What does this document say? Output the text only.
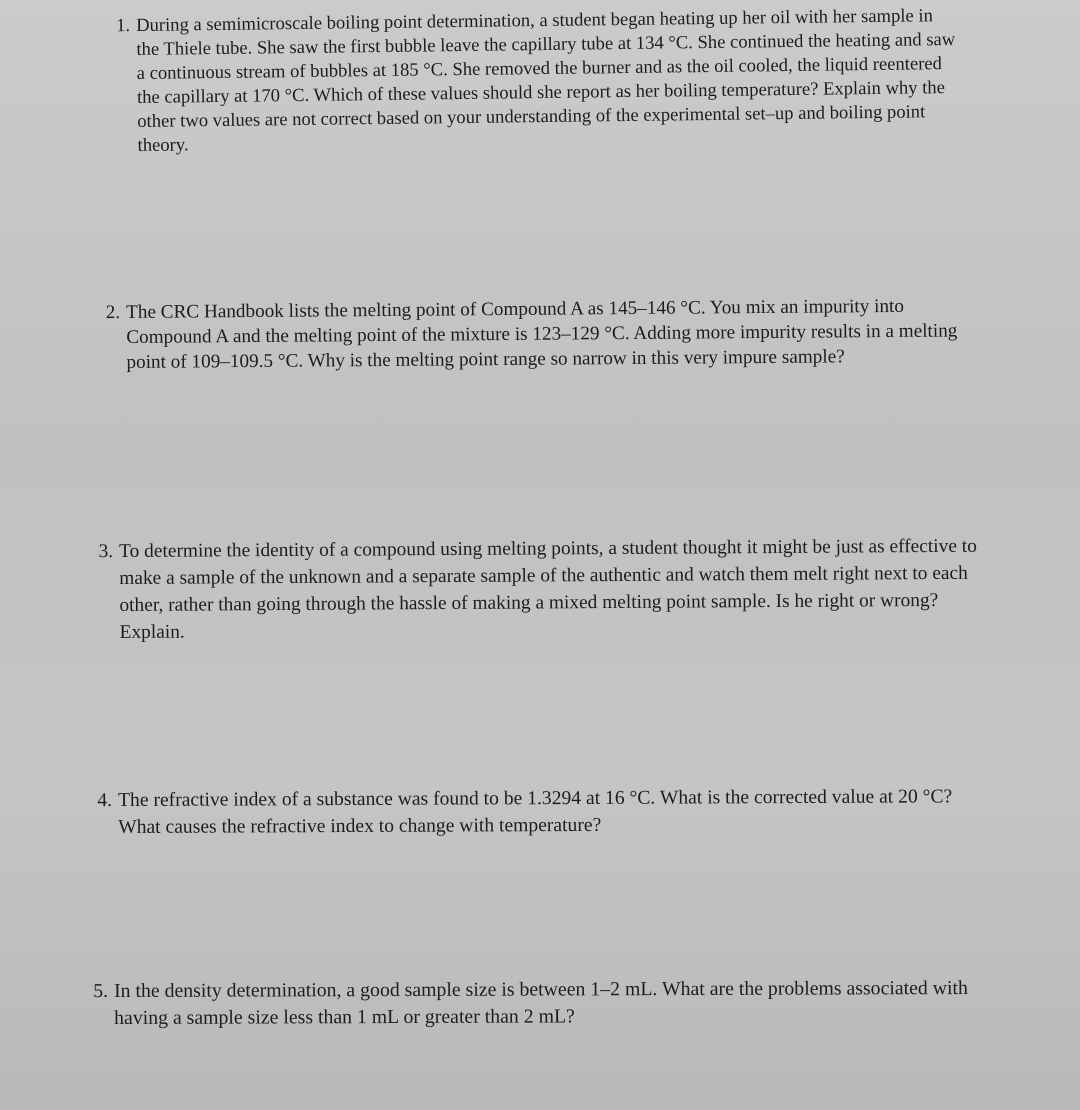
1. During a semimicroscale boiling point determination, a student began heating up her oil with her sample in the Thiele tube. She saw the first bubble leave the capillary tube at 134 °C. She continued the heating and saw a continuous stream of bubbles at 185 °C. She removed the burner and as the oil cooled, the liquid reentered the capillary at 170 °C. Which of these values should she report as her boiling temperature? Explain why the other two values are not correct based on your understanding of the experimental set–up and boiling point theory.
2. The CRC Handbook lists the melting point of Compound A as 145–146 °C. You mix an impurity into Compound A and the melting point of the mixture is 123–129 °C. Adding more impurity results in a melting point of 109–109.5 °C. Why is the melting point range so narrow in this very impure sample?
3. To determine the identity of a compound using melting points, a student thought it might be just as effective to make a sample of the unknown and a separate sample of the authentic and watch them melt right next to each other, rather than going through the hassle of making a mixed melting point sample. Is he right or wrong? Explain.
4. The refractive index of a substance was found to be 1.3294 at 16 °C. What is the corrected value at 20 °C? What causes the refractive index to change with temperature?
5. In the density determination, a good sample size is between 1–2 mL. What are the problems associated with having a sample size less than 1 mL or greater than 2 mL?
